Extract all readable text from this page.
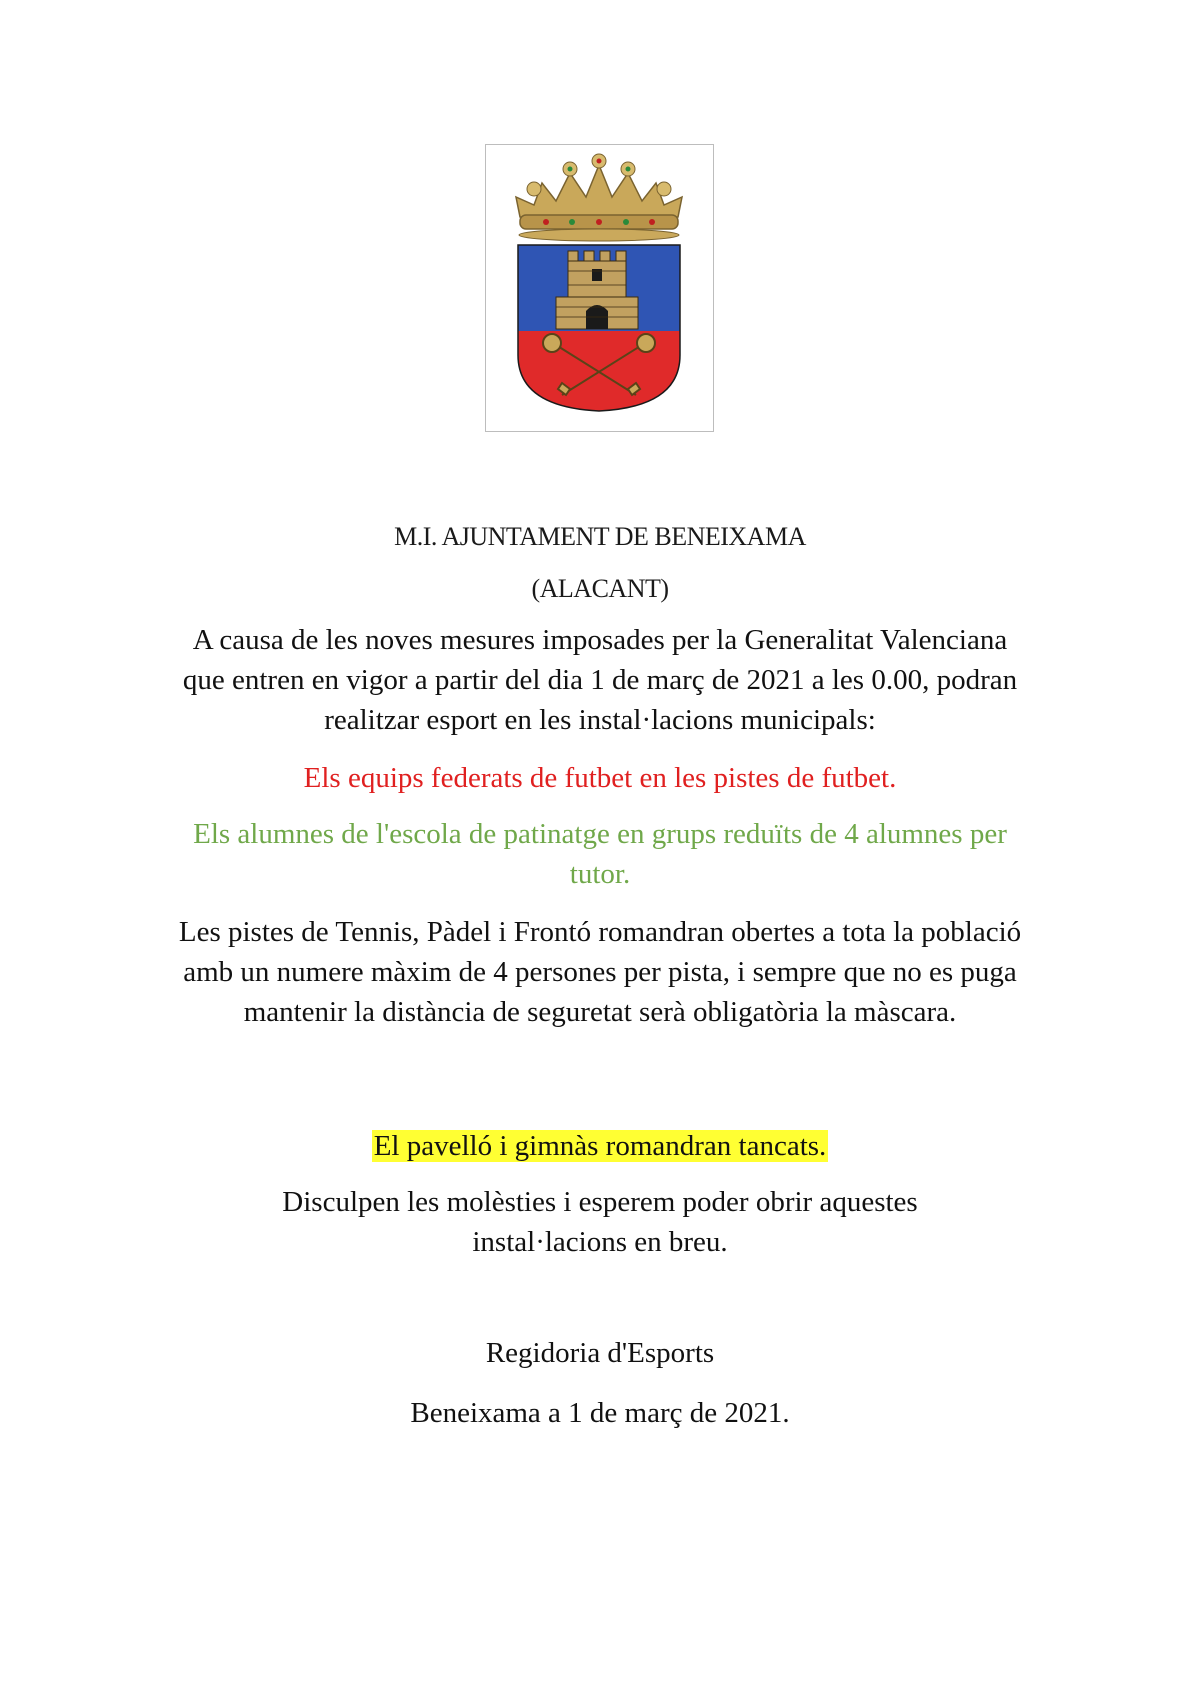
M.I. AJUNTAMENT DE BENEIXAMA

(ALACANT)

A causa de les noves mesures imposades per la Generalitat Valenciana que entren en vigor a partir del dia 1 de març de 2021 a les 0.00, podran realitzar esport en les instal·lacions municipals:

Els equips federats de futbet en les pistes de futbet.

Els alumnes de l'escola de patinatge en grups reduïts de 4 alumnes per tutor.

Les pistes de Tennis, Pàdel i Frontó romandran obertes a tota la població amb un numere màxim de 4 persones per pista, i sempre que no es puga mantenir la distància de seguretat serà obligatòria la màscara.

El pavelló i gimnàs romandran tancats.

Disculpen les molèsties i esperem poder obrir aquestes instal·lacions en breu.

Regidoria d'Esports

Beneixama a 1 de març de 2021.
